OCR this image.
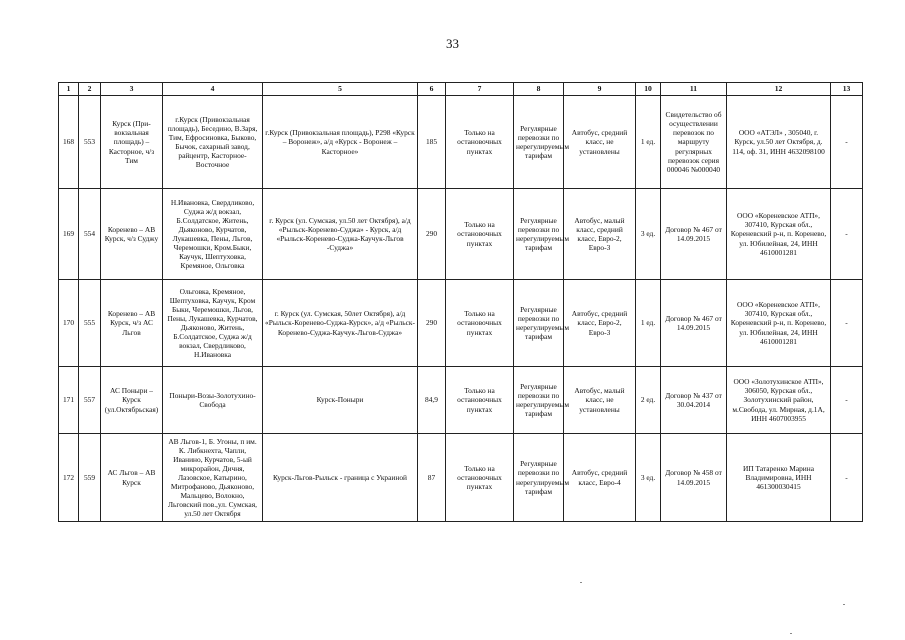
33
1	2	3	4	5	6	7	8	9	10	11	12	13
168	553	Курск (При-вокзальная площадь) – Касторное, ч/з Тим	г.Курск (Привокзальная площадь), Беседино, В.Заря, Тим, Ефросиновка, Быково, Бычок, сахарный завод, райцентр, Касторное-Восточное	г.Курск (Привокзальная площадь), Р298 «Курск – Воронеж», а/д «Курск - Воронеж – Касторное»	185	Только на остановочных пунктах	Регулярные перевозки по нерегулируемым тарифам	Автобус, средний класс, не установлены	1 ед.	Свидетельство об осуществлении перевозок по маршруту регулярных перевозок серия 000046 №000040	ООО «АТЭЛ» , 305040, г. Курск, ул.50 лет Октября, д. 114, оф. 31, ИНН 4632098100	-
169	554	Коренево – АВ Курск, ч/з Суджу	Н.Ивановка, Свердликово, Суджа ж/д вокзал, Б.Солдатское, Житень, Дьяконово, Курчатов, Лукашевка, Пены, Льгов, Черемошки, Кром.Быки, Каучук, Шептуховка, Кремяное, Ольговка	г. Курск (ул. Сумская, ул.50 лет Октября), а/д «Рыльск-Коренево-Суджа» - Курск, а/д «Рыльск-Коренево-Суджа-Каучук-Льгов -Суджа»	290	Только на остановочных пунктах	Регулярные перевозки по нерегулируемым тарифам	Автобус, малый класс, средний класс, Евро-2, Евро-3	3 ед.	Договор № 467 от 14.09.2015	ООО «Кореневское АТП», 307410, Курская обл., Кореневский р-н, п. Коренево, ул. Юбилейная, 24, ИНН 4610001281	-
170	555	Коренево – АВ Курск, ч/з АС Льгов	Ольговка, Кремяное, Шептуховка, Каучук, Кром Быки, Черемошки, Льгов, Пены, Лукашевка, Курчатов, Дьяконово, Житень, Б.Солдатское, Суджа ж/д вокзал, Свердликово, Н.Ивановка	г. Курск (ул. Сумская, 50лет Октября), а/д «Рыльск-Коренево-Суджа-Курск», а/д «Рыльск-Коренево-Суджа-Каучук-Льгов-Суджа»	290	Только на остановочных пунктах	Регулярные перевозки по нерегулируемым тарифам	Автобус, средний класс, Евро-2, Евро-3	1 ед.	Договор № 467 от 14.09.2015	ООО «Кореневское АТП», 307410, Курская обл., Кореневский р-н, п. Коренево, ул. Юбилейная, 24, ИНН 4610001281	-
171	557	АС Поныри – Курск (ул.Октябрьская)	Поныри-Возы-Золотухино-Свобода	Курск-Поныри	84,9	Только на остановочных пунктах	Регулярные перевозки по нерегулируемым тарифам	Автобус, малый класс, не установлены	2 ед.	Договор № 437 от 30.04.2014	ООО «Золотухинское АТП», 306050, Курская обл., Золотухинский район, м.Свобода, ул. Мирная, д.1А, ИНН 4607003955	-
172	559	АС Льгов – АВ Курск	АВ Льгов-1, Б. Угоны, п им. К. Либкнехта, Чапли, Иванино, Курчатов, 5-ый микрорайон, Дичня, Лазовское, Катырино, Митрофаново, Дьяконово, Мальцево, Волокно, Льговский пов.,ул. Сумская, ул.50 лет Октября	Курск-Льгов-Рыльск - граница с Украиной	87	Только на остановочных пунктах	Регулярные перевозки по нерегулируемым тарифам	Автобус, средний класс, Евро-4	3 ед.	Договор № 458 от 14.09.2015	ИП Татаренко Марина Владимировна, ИНН 461300030415	-
